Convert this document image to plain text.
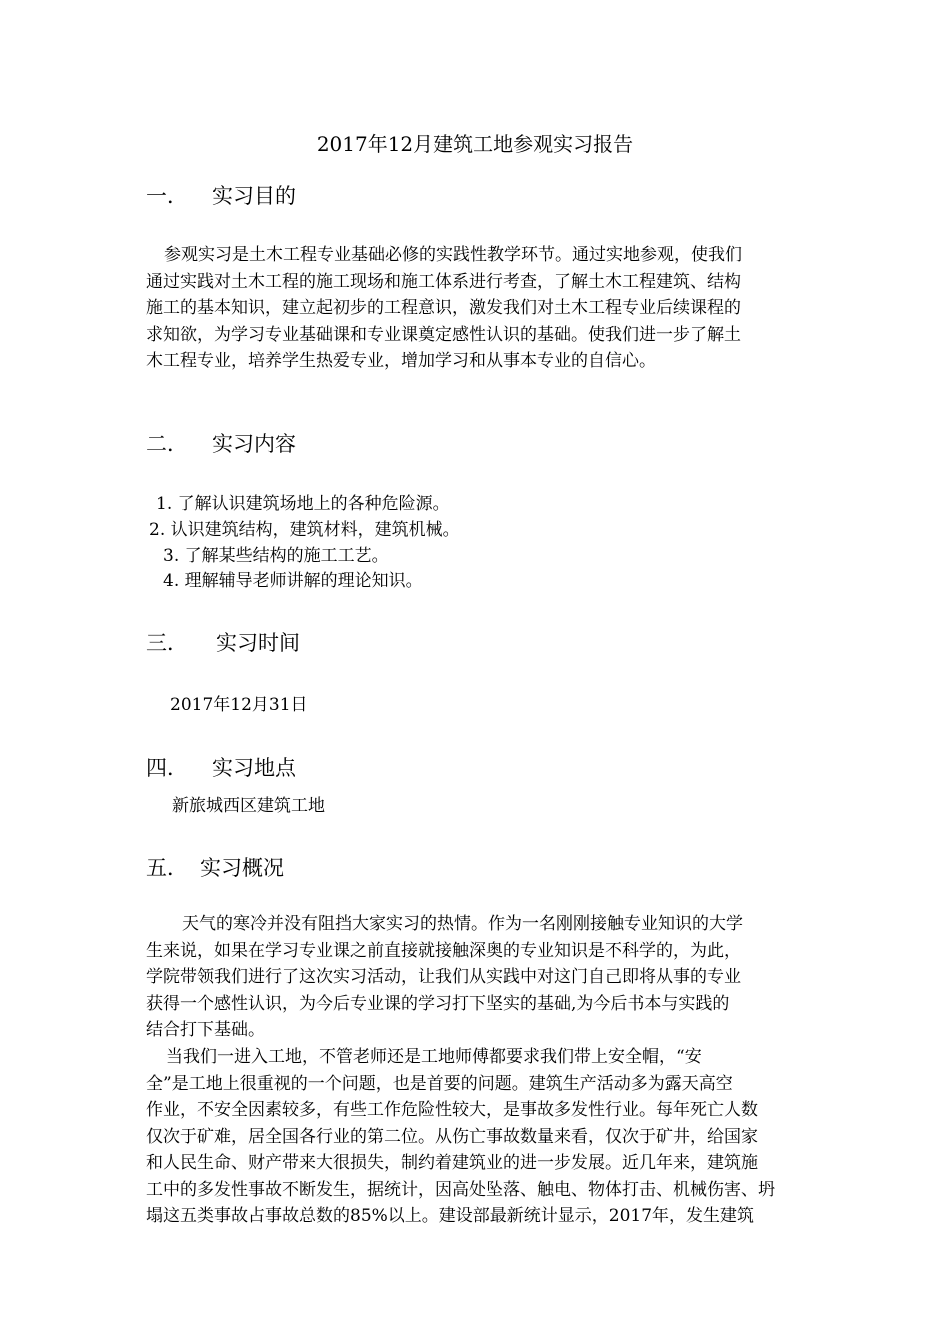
2017年12月建筑工地参观实习报告
一． 实习目的
参观实习是土木工程专业基础必修的实践性教学环节。通过实地参观，使我们
通过实践对土木工程的施工现场和施工体系进行考查，了解土木工程建筑、结构
施工的基本知识，建立起初步的工程意识，激发我们对土木工程专业后续课程的
求知欲，为学习专业基础课和专业课奠定感性认识的基础。使我们进一步了解土
木工程专业，培养学生热爱专业，增加学习和从事本专业的自信心。
二． 实习内容
1. 了解认识建筑场地上的各种危险源。
2. 认识建筑结构，建筑材料，建筑机械。
3. 了解某些结构的施工工艺。
4. 理解辅导老师讲解的理论知识。
三． 实习时间
2017年12月31日
四． 实习地点
新旅城西区建筑工地
五． 实习概况
天气的寒冷并没有阻挡大家实习的热情。作为一名刚刚接触专业知识的大学
生来说，如果在学习专业课之前直接就接触深奥的专业知识是不科学的，为此，
学院带领我们进行了这次实习活动，让我们从实践中对这门自己即将从事的专业
获得一个感性认识，为今后专业课的学习打下坚实的基础,为今后书本与实践的
结合打下基础。
当我们一进入工地，不管老师还是工地师傅都要求我们带上安全帽，“安
全”是工地上很重视的一个问题，也是首要的问题。建筑生产活动多为露天高空
作业，不安全因素较多，有些工作危险性较大，是事故多发性行业。每年死亡人数
仅次于矿难，居全国各行业的第二位。从伤亡事故数量来看，仅次于矿井，给国家
和人民生命、财产带来大很损失，制约着建筑业的进一步发展。近几年来，建筑施
工中的多发性事故不断发生，据统计，因高处坠落、触电、物体打击、机械伤害、坍
塌这五类事故占事故总数的85%以上。建设部最新统计显示，2017年，发生建筑
